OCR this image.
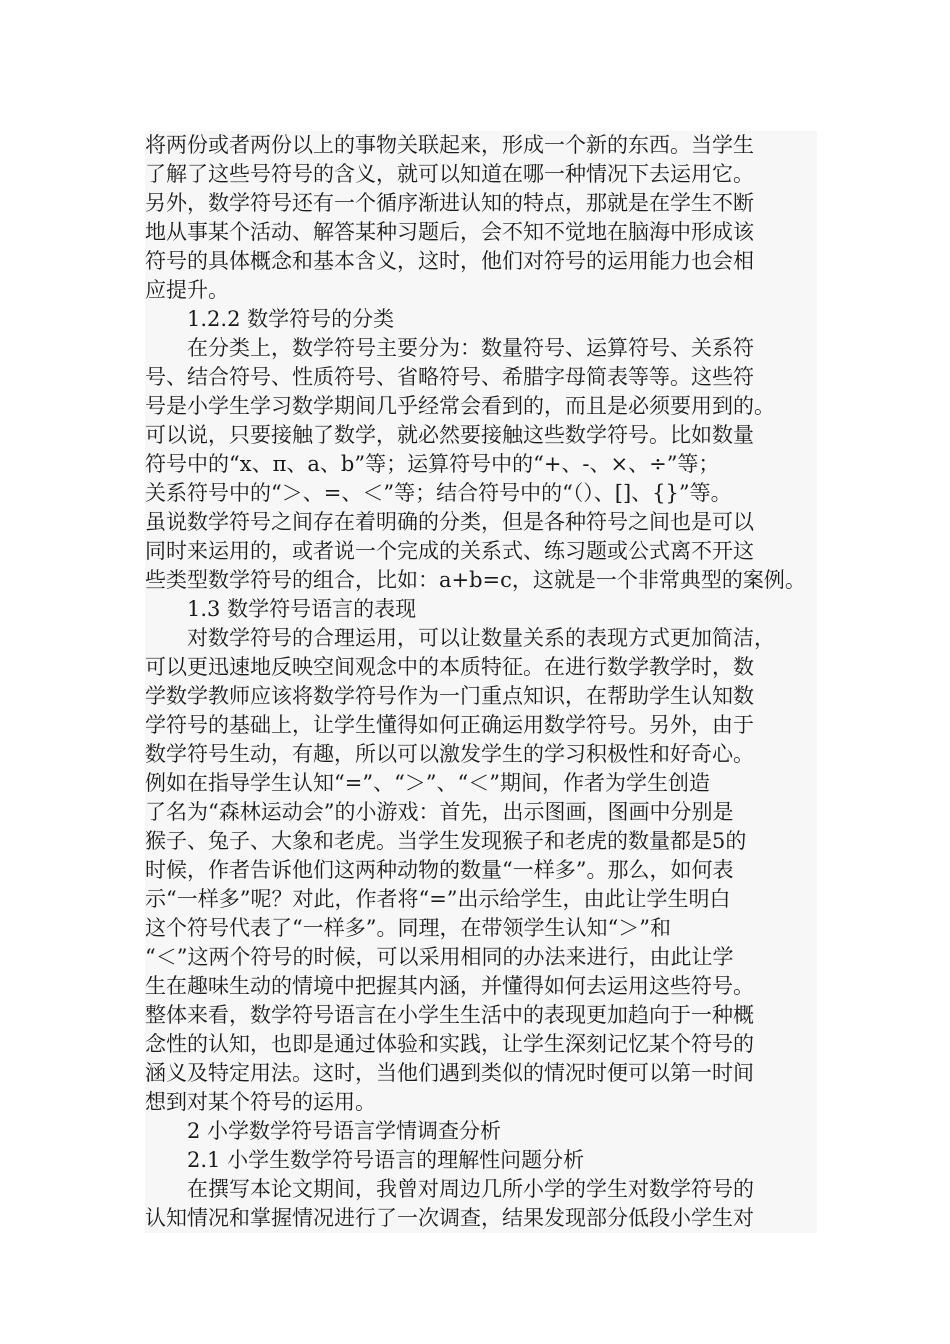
将两份或者两份以上的事物关联起来，形成一个新的东西。当学生
了解了这些号符号的含义，就可以知道在哪一种情况下去运用它。
另外，数学符号还有一个循序渐进认知的特点，那就是在学生不断
地从事某个活动、解答某种习题后，会不知不觉地在脑海中形成该
符号的具体概念和基本含义，这时，他们对符号的运用能力也会相
应提升。
1.2.2 数学符号的分类
在分类上，数学符号主要分为：数量符号、运算符号、关系符
号、结合符号、性质符号、省略符号、希腊字母简表等等。这些符
号是小学生学习数学期间几乎经常会看到的，而且是必须要用到的。
可以说，只要接触了数学，就必然要接触这些数学符号。比如数量
符号中的“x、π、a、b”等；运算符号中的“+、-、×、÷”等；
关系符号中的“＞、=、＜”等；结合符号中的“（）、[]、{}”等。
虽说数学符号之间存在着明确的分类，但是各种符号之间也是可以
同时来运用的，或者说一个完成的关系式、练习题或公式离不开这
些类型数学符号的组合，比如：a+b=c，这就是一个非常典型的案例。
1.3 数学符号语言的表现
对数学符号的合理运用，可以让数量关系的表现方式更加简洁，
可以更迅速地反映空间观念中的本质特征。在进行数学教学时，数
学数学教师应该将数学符号作为一门重点知识，在帮助学生认知数
学符号的基础上，让学生懂得如何正确运用数学符号。另外，由于
数学符号生动，有趣，所以可以激发学生的学习积极性和好奇心。
例如在指导学生认知“=”、“＞”、“＜”期间，作者为学生创造
了名为“森林运动会”的小游戏：首先，出示图画，图画中分别是
猴子、兔子、大象和老虎。当学生发现猴子和老虎的数量都是5的
时候，作者告诉他们这两种动物的数量“一样多”。那么，如何表
示“一样多”呢？对此，作者将“=”出示给学生，由此让学生明白
这个符号代表了“一样多”。同理，在带领学生认知“＞”和
“＜”这两个符号的时候，可以采用相同的办法来进行，由此让学
生在趣味生动的情境中把握其内涵，并懂得如何去运用这些符号。
整体来看，数学符号语言在小学生生活中的表现更加趋向于一种概
念性的认知，也即是通过体验和实践，让学生深刻记忆某个符号的
涵义及特定用法。这时，当他们遇到类似的情况时便可以第一时间
想到对某个符号的运用。
2 小学数学符号语言学情调查分析
2.1 小学生数学符号语言的理解性问题分析
在撰写本论文期间，我曾对周边几所小学的学生对数学符号的
认知情况和掌握情况进行了一次调查，结果发现部分低段小学生对
